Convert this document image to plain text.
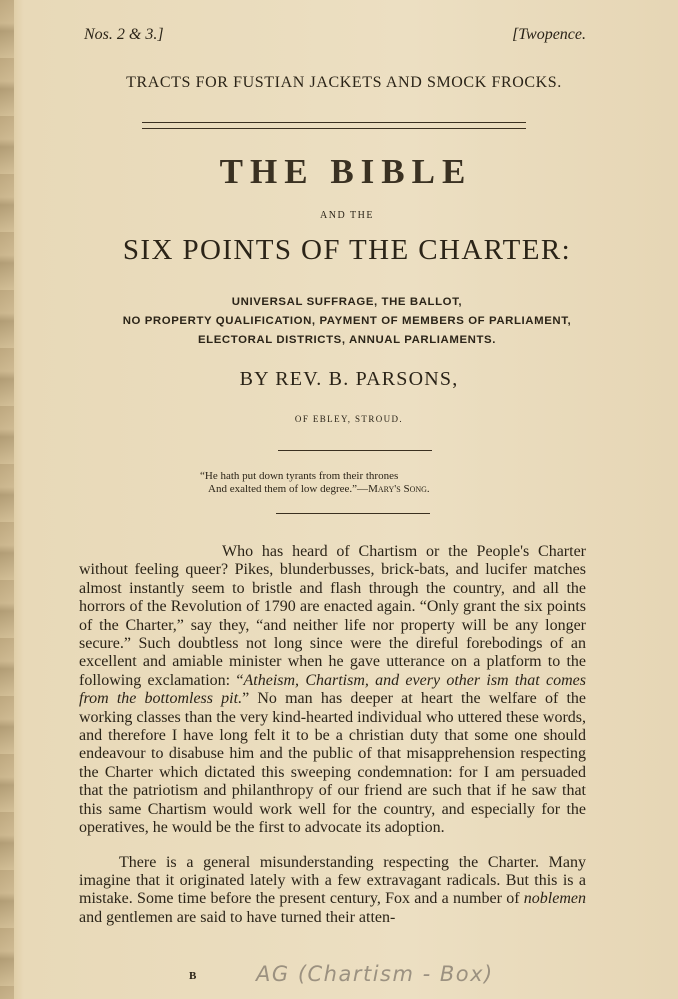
Nos. 2 & 3.]	[Twopence.
TRACTS FOR FUSTIAN JACKETS AND SMOCK FROCKS.
THE BIBLE
AND THE
SIX POINTS OF THE CHARTER:
UNIVERSAL SUFFRAGE, THE BALLOT,
NO PROPERTY QUALIFICATION, PAYMENT OF MEMBERS OF PARLIAMENT,
ELECTORAL DISTRICTS, ANNUAL PARLIAMENTS.
BY REV. B. PARSONS,
OF EBLEY, STROUD.
“He hath put down tyrants from their thrones
And exalted them of low degree.”—Mary's Song.

Who has heard of Chartism or the People's Charter without feeling queer? Pikes, blunderbusses, brick-bats, and lucifer matches almost instantly seem to bristle and flash through the country, and all the horrors of the Revolution of 1790 are enacted again. “Only grant the six points of the Charter,” say they, “and neither life nor property will be any longer secure.” Such doubtless not long since were the direful forebodings of an excellent and amiable minister when he gave utterance on a platform to the following exclamation: “Atheism, Chartism, and every other ism that comes from the bottomless pit.” No man has deeper at heart the welfare of the working classes than the very kind-hearted individual who uttered these words, and therefore I have long felt it to be a christian duty that some one should endeavour to disabuse him and the public of that misapprehension respecting the Charter which dictated this sweeping condemnation: for I am persuaded that the patriotism and philanthropy of our friend are such that if he saw that this same Chartism would work well for the country, and especially for the operatives, he would be the first to advocate its adoption.

There is a general misunderstanding respecting the Charter. Many imagine that it originated lately with a few extravagant radicals. But this is a mistake. Some time before the present century, Fox and a number of noblemen and gentlemen are said to have turned their atten-

B	AG (Chartism - Box)
